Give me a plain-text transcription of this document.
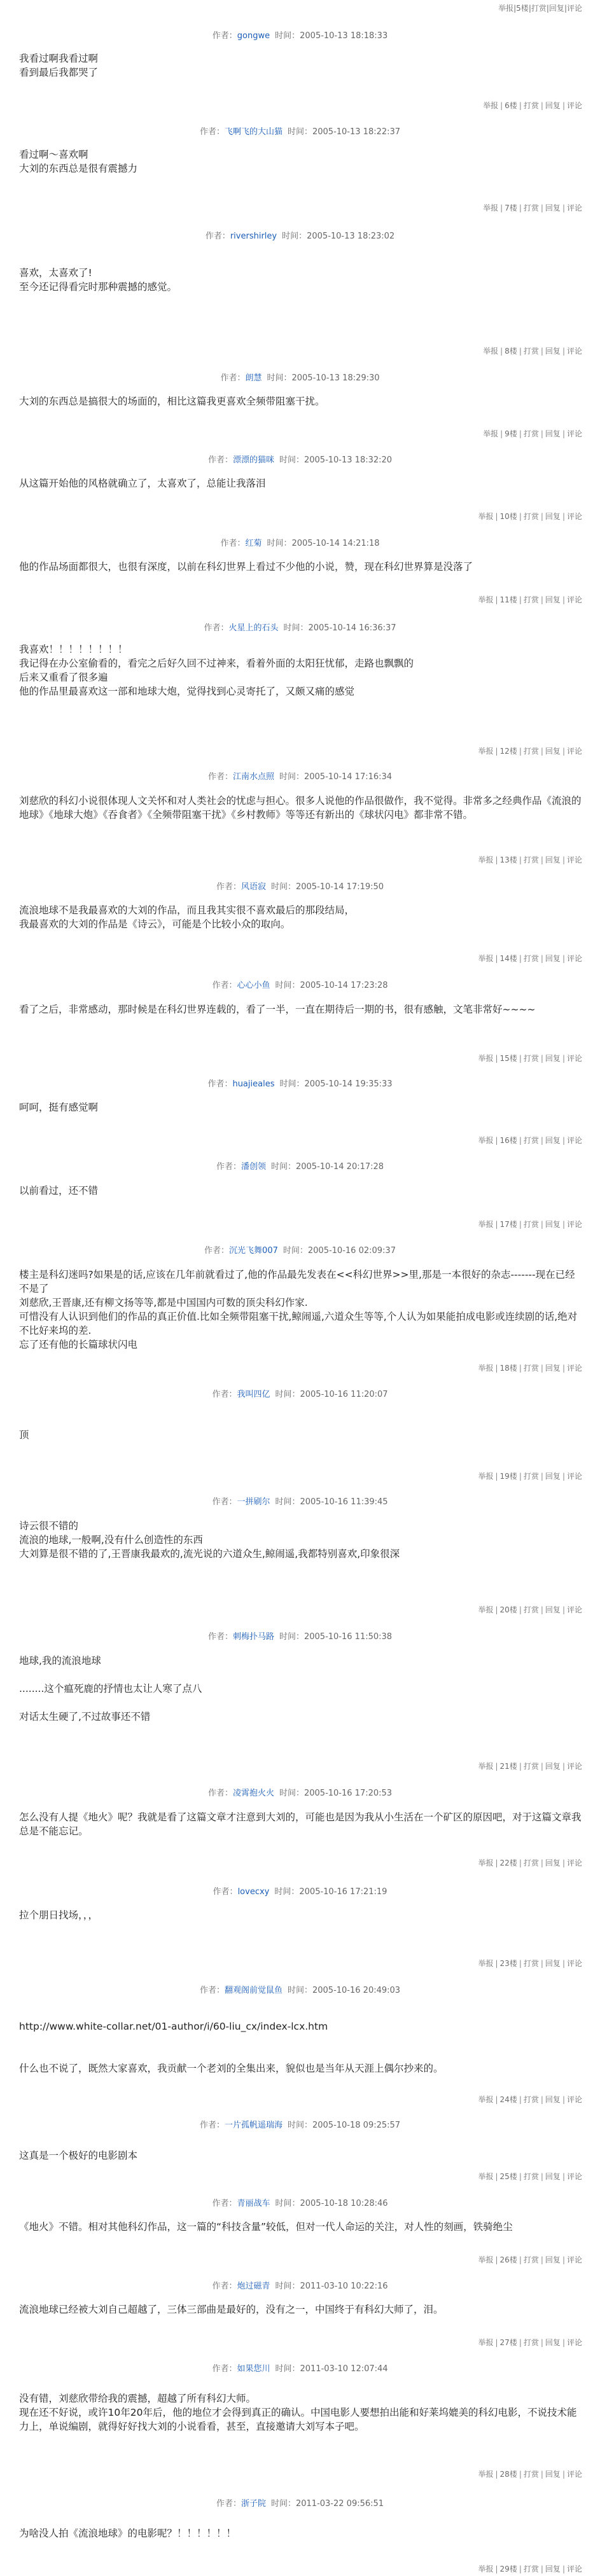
举报|5楼|打赏|回复|评论
作者：gongwe 时间：2005-10-13 18:18:33

我看过啊我看过啊

看到最后我都哭了

举报 | 6楼 | 打赏 | 回复 | 评论
作者：飞啊飞的大山猫 时间：2005-10-13 18:22:37

看过啊～喜欢啊

大刘的东西总是很有震撼力

举报 | 7楼 | 打赏 | 回复 | 评论
作者：rivershirley 时间：2005-10-13 18:23:02

喜欢，太喜欢了!

至今还记得看完时那种震撼的感觉。

举报 | 8楼 | 打赏 | 回复 | 评论
作者：朗慧 时间：2005-10-13 18:29:30

大刘的东西总是搞很大的场面的，相比这篇我更喜欢全频带阻塞干扰。

举报 | 9楼 | 打赏 | 回复 | 评论
作者：漂漂的猫咪 时间：2005-10-13 18:32:20

从这篇开始他的风格就确立了，太喜欢了，总能让我落泪

举报 | 10楼 | 打赏 | 回复 | 评论
作者：红菊 时间：2005-10-14 14:21:18

他的作品场面都很大，也很有深度，以前在科幻世界上看过不少他的小说，赞，现在科幻世界算是没落了

举报 | 11楼 | 打赏 | 回复 | 评论
作者：火星上的石头 时间：2005-10-14 16:36:37

我喜欢！！！！！！！！

我记得在办公室偷看的，看完之后好久回不过神来，看着外面的太阳狂忧郁，走路也飘飘的

后来又重看了很多遍

他的作品里最喜欢这一部和地球大炮，觉得找到心灵寄托了，又颇又痛的感觉

举报 | 12楼 | 打赏 | 回复 | 评论
作者：江南水点照 时间：2005-10-14 17:16:34

刘慈欣的科幻小说很体现人文关怀和对人类社会的忧虑与担心。很多人说他的作品很做作，我不觉得。非常多之经典作品《流浪的地球》《地球大炮》《吞食者》《全频带阻塞干扰》《乡村教师》等等还有新出的《球状闪电》都非常不错。

举报 | 13楼 | 打赏 | 回复 | 评论
作者：风语寂 时间：2005-10-14 17:19:50

流浪地球不是我最喜欢的大刘的作品，而且我其实很不喜欢最后的那段结局，

我最喜欢的大刘的作品是《诗云》，可能是个比较小众的取向。

举报 | 14楼 | 打赏 | 回复 | 评论
作者：心心小鱼 时间：2005-10-14 17:23:28

看了之后，非常感动，那时候是在科幻世界连载的，看了一半，一直在期待后一期的书，很有感触，文笔非常好~~~~

举报 | 15楼 | 打赏 | 回复 | 评论
作者：huajieales 时间：2005-10-14 19:35:33

呵呵，挺有感觉啊

举报 | 16楼 | 打赏 | 回复 | 评论
作者：潘创领 时间：2005-10-14 20:17:28

以前看过，还不错

举报 | 17楼 | 打赏 | 回复 | 评论
作者：沉光飞舞007 时间：2005-10-16 02:09:37

楼主是科幻迷吗?如果是的话,应该在几年前就看过了,他的作品最先发表在<<科幻世界>>里,那是一本很好的杂志-------现在已经不是了

刘慈欣,王晋康,还有柳文扬等等,都是中国国内可数的顶尖科幻作家.

可惜没有人认识到他们的作品的真正价值.比如全频带阻塞干扰,鲸闹遥,六道众生等等,个人认为如果能拍成电影或连续剧的话,绝对不比好来坞的差.

忘了还有他的长篇球状闪电

举报 | 18楼 | 打赏 | 回复 | 评论
作者：我叫四亿 时间：2005-10-16 11:20:07

顶

举报 | 19楼 | 打赏 | 回复 | 评论
作者：一拼刷尔 时间：2005-10-16 11:39:45

诗云很不错的

流浪的地球,一般啊,没有什么创造性的东西

大刘算是很不错的了,王晋康我最欢的,流光说的六道众生,鲸闹遥,我都特别喜欢,印象很深

举报 | 20楼 | 打赏 | 回复 | 评论
作者：刺梅扑马路 时间：2005-10-16 11:50:38

地球,我的流浪地球

........这个瘟死鹿的抒情也太让人寒了点八

对话太生硬了,不过故事还不错

举报 | 21楼 | 打赏 | 回复 | 评论
作者：凌霄抱火火 时间：2005-10-16 17:20:53

怎么没有人提《地火》呢？我就是看了这篇文章才注意到大刘的，可能也是因为我从小生活在一个矿区的原因吧，对于这篇文章我总是不能忘记。

举报 | 22楼 | 打赏 | 回复 | 评论
作者：lovecxy 时间：2005-10-16 17:21:19

拉个朋日找场，，，

举报 | 23楼 | 打赏 | 回复 | 评论
作者：翻观阁前觉鼠鱼 时间：2005-10-16 20:49:03

http://www.white-collar.net/01-author/i/60-liu_cx/index-lcx.htm

什么也不说了，既然大家喜欢，我贡献一个老刘的全集出来，貌似也是当年从天涯上偶尔抄来的。

举报 | 24楼 | 打赏 | 回复 | 评论
作者：一片孤帆遥瑞海 时间：2005-10-18 09:25:57

这真是一个极好的电影剧本

举报 | 25楼 | 打赏 | 回复 | 评论
作者：青丽战车 时间：2005-10-18 10:28:46

《地火》不错。相对其他科幻作品，这一篇的“科技含量”较低，但对一代人命运的关注，对人性的刻画，铁骑绝尘

举报 | 26楼 | 打赏 | 回复 | 评论
作者：炮过磁青 时间：2011-03-10 10:22:16

流浪地球已经被大刘自己超越了，三体三部曲是最好的，没有之一，中国终于有科幻大师了，泪。

举报 | 27楼 | 打赏 | 回复 | 评论
作者：如果您川 时间：2011-03-10 12:07:44

没有错，刘慈欣带给我的震撼，超越了所有科幻大师。

现在还不好说，或许10年20年后，他的地位才会得到真正的确认。中国电影人要想拍出能和好莱坞媲美的科幻电影，不说技术能力上，单说编剧，就得好好找大刘的小说看看，甚至，直接邀请大刘写本子吧。

举报 | 28楼 | 打赏 | 回复 | 评论
作者：浙子院 时间：2011-03-22 09:56:51

为啥没人拍《流浪地球》的电影呢？！！！！！！

举报 | 29楼 | 打赏 | 回复 | 评论
